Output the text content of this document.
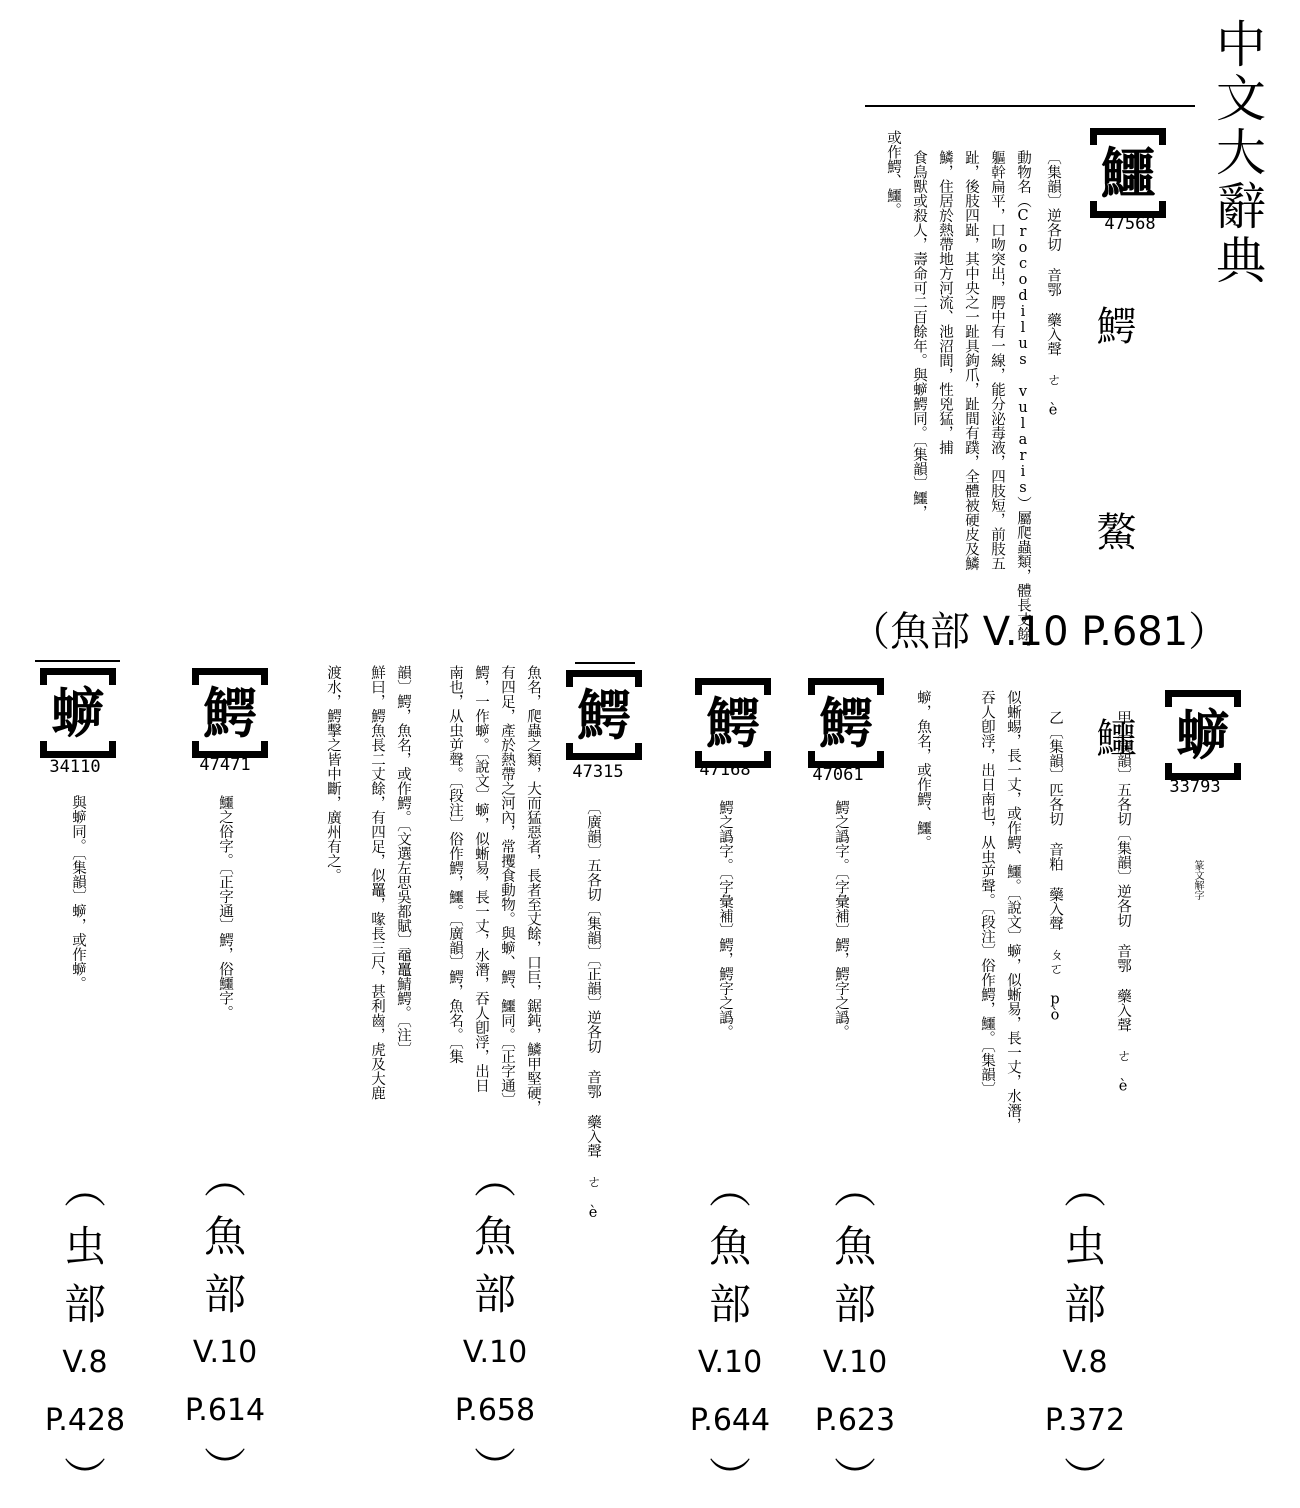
中文大辭典
鱷
47568
〔集韻〕逆各切 音鄂 藥入聲 ㄜ è
鰐 鰲 鱷
動物名（Crocodilus vularis）屬爬蟲類，體長丈餘。
軀幹扁平，口吻突出，腭中有一線，能分泌毒液，四肢短，前肢五
趾，後肢四趾，其中央之一趾具鉤爪，趾間有蹼，全體被硬皮及鱗
鱗，住居於熱帶地方河流、池沼間，性兇猛，捕
食鳥獸或殺人，壽命可二百餘年。與蝷鰐同。〔集韻〕鱷，
或作鰐、鱷。
（魚部 V.10 P.681）
蝷
33793
甲〔廣韻〕五各切〔集韻〕逆各切 音鄂 藥入聲 ㄜ è	篆文解字
乙〔集韻〕匹各切 音粕 藥入聲 ㄆㄛ pò
似蜥蜴，長一丈，或作鰐、鱷。〔說文〕蝷，似蜥易，長一丈，水潛，
吞人卽浮，出日南也，从虫屰聲。〔段注〕俗作鰐，鱷。〔集韻〕
蝷，魚名，或作鰐、鱷。
鰐
47061
鰐之譌字。〔字彙補〕鰐，鰐字之譌。
鰐
47168
鰐之譌字。〔字彙補〕鰐，鰐字之譌。
鰐
47315
〔廣韻〕五各切〔集韻〕〔正韻〕逆各切 音鄂 藥入聲 ㄜ è
魚名，爬蟲之類，大而猛惡者，長者至丈餘，口巨，鋸鈍，鱗甲堅硬，
有四足，產於熱帶之河內，常攫食動物。與蝷、鰐、鱷同。〔正字通〕
鰐，一作蝷。〔說文〕蝷，似蜥易，長一丈，水潛，吞人卽浮，出日
南也，从虫屰聲。〔段注〕俗作鰐，鱷。〔廣韻〕鰐，魚名。〔集
韻〕鰐，魚名，或作鰐。〔文選左思吳都賦〕黿鼉鯖鰐。〔注〕
鮮曰，鰐魚長二丈餘，有四足，似鼉，喙長三尺，甚利齒，虎及大鹿
渡水，鰐擊之皆中斷，廣州有之。
鰐
47471
鱷之俗字。〔正字通〕鰐，俗鱷字。
蝷
34110
與蝷同。〔集韻〕蝷，或作蝷。
︵
虫
部
V.8
P.372
︶
︵
魚
部
V.10
P.623
︶
︵
魚
部
V.10
P.644
︶
︵
魚
部
V.10
P.658
︶
︵
魚
部
V.10
P.614
︶
︵
虫
部
V.8
P.428
︶
